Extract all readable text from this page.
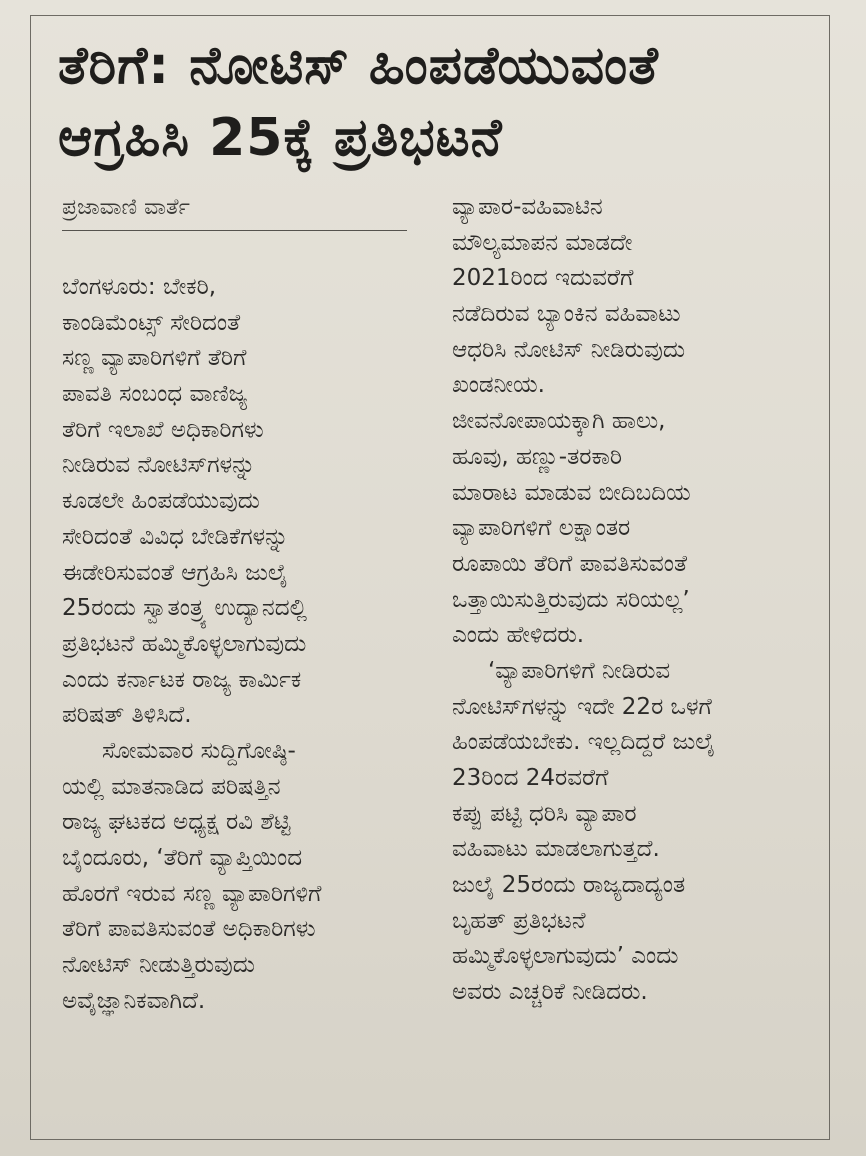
ತೆರಿಗೆ: ನೋಟಿಸ್ ಹಿಂಪಡೆಯುವಂತೆ
ಆಗ್ರಹಿಸಿ 25ಕ್ಕೆ ಪ್ರತಿಭಟನೆ
ಪ್ರಜಾವಾಣಿ ವಾರ್ತೆ
ಬೆಂಗಳೂರು: ಬೇಕರಿ,
ಕಾಂಡಿಮೆಂಟ್ಸ್ ಸೇರಿದಂತೆ
ಸಣ್ಣ ವ್ಯಾಪಾರಿಗಳಿಗೆ ತೆರಿಗೆ
ಪಾವತಿ ಸಂಬಂಧ ವಾಣಿಜ್ಯ
ತೆರಿಗೆ ಇಲಾಖೆ ಅಧಿಕಾರಿಗಳು
ನೀಡಿರುವ ನೋಟಿಸ್‌ಗಳನ್ನು
ಕೂಡಲೇ ಹಿಂಪಡೆಯುವುದು
ಸೇರಿದಂತೆ ವಿವಿಧ ಬೇಡಿಕೆಗಳನ್ನು
ಈಡೇರಿಸುವಂತೆ ಆಗ್ರಹಿಸಿ ಜುಲೈ
25ರಂದು ಸ್ವಾತಂತ್ರ್ಯ ಉದ್ಯಾನದಲ್ಲಿ
ಪ್ರತಿಭಟನೆ ಹಮ್ಮಿಕೊಳ್ಳಲಾಗುವುದು
ಎಂದು ಕರ್ನಾಟಕ ರಾಜ್ಯ ಕಾರ್ಮಿಕ
ಪರಿಷತ್ ತಿಳಿಸಿದೆ.
ಸೋಮವಾರ ಸುದ್ದಿಗೋಷ್ಠಿ-
ಯಲ್ಲಿ ಮಾತನಾಡಿದ ಪರಿಷತ್ತಿನ
ರಾಜ್ಯ ಘಟಕದ ಅಧ್ಯಕ್ಷ ರವಿ ಶೆಟ್ಟಿ
ಬೈಂದೂರು, ‘ತೆರಿಗೆ ವ್ಯಾಪ್ತಿಯಿಂದ
ಹೊರಗೆ ಇರುವ ಸಣ್ಣ ವ್ಯಾಪಾರಿಗಳಿಗೆ
ತೆರಿಗೆ ಪಾವತಿಸುವಂತೆ ಅಧಿಕಾರಿಗಳು
ನೋಟಿಸ್ ನೀಡುತ್ತಿರುವುದು
ಅವೈಜ್ಞಾನಿಕವಾಗಿದೆ.
ವ್ಯಾಪಾರ-ವಹಿವಾಟಿನ
ಮೌಲ್ಯಮಾಪನ ಮಾಡದೇ
2021ರಿಂದ ಇದುವರೆಗೆ
ನಡೆದಿರುವ ಬ್ಯಾಂಕಿನ ವಹಿವಾಟು
ಆಧರಿಸಿ ನೋಟಿಸ್ ನೀಡಿರುವುದು
ಖಂಡನೀಯ.
ಜೀವನೋಪಾಯಕ್ಕಾಗಿ ಹಾಲು,
ಹೂವು, ಹಣ್ಣು-ತರಕಾರಿ
ಮಾರಾಟ ಮಾಡುವ ಬೀದಿಬದಿಯ
ವ್ಯಾಪಾರಿಗಳಿಗೆ ಲಕ್ಷಾಂತರ
ರೂಪಾಯಿ ತೆರಿಗೆ ಪಾವತಿಸುವಂತೆ
ಒತ್ತಾಯಿಸುತ್ತಿರುವುದು ಸರಿಯಲ್ಲ’
ಎಂದು ಹೇಳಿದರು.
‘ವ್ಯಾಪಾರಿಗಳಿಗೆ ನೀಡಿರುವ
ನೋಟಿಸ್‌ಗಳನ್ನು ಇದೇ 22ರ ಒಳಗೆ
ಹಿಂಪಡೆಯಬೇಕು. ಇಲ್ಲದಿದ್ದರೆ ಜುಲೈ
23ರಿಂದ 24ರವರೆಗೆ
ಕಪ್ಪು ಪಟ್ಟಿ ಧರಿಸಿ ವ್ಯಾಪಾರ
ವಹಿವಾಟು ಮಾಡಲಾಗುತ್ತದೆ.
ಜುಲೈ 25ರಂದು ರಾಜ್ಯದಾದ್ಯಂತ
ಬೃಹತ್ ಪ್ರತಿಭಟನೆ
ಹಮ್ಮಿಕೊಳ್ಳಲಾಗುವುದು’ ಎಂದು
ಅವರು ಎಚ್ಚರಿಕೆ ನೀಡಿದರು.
